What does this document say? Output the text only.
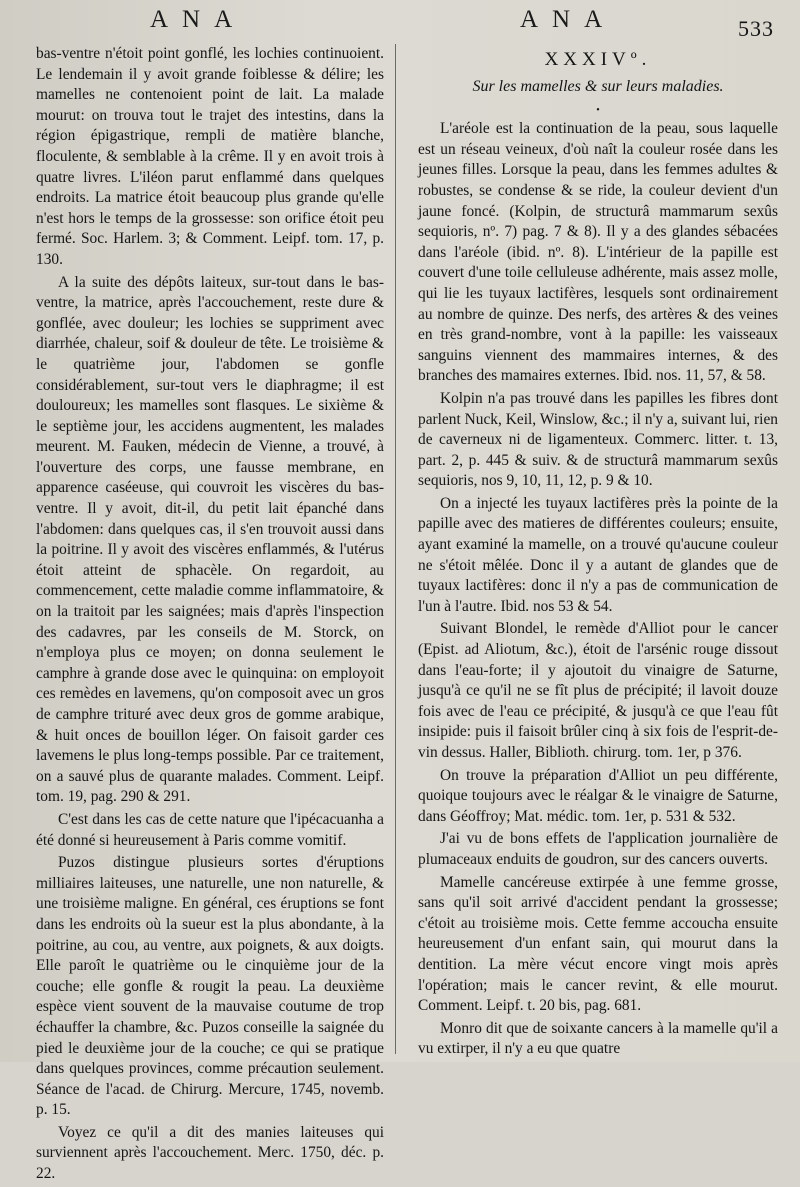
ANA	ANA	533

bas-ventre n'étoit point gonflé, les lochies continuoient. Le lendemain il y avoit grande foiblesse & délire; les mamelles ne contenoient point de lait. La malade mourut: on trouva tout le trajet des intestins, dans la région épigastrique, rempli de matière blanche, floculente, & semblable à la crême. Il y en avoit trois à quatre livres. L'iléon parut enflammé dans quelques endroits. La matrice étoit beaucoup plus grande qu'elle n'est hors le temps de la grossesse: son orifice étoit peu fermé. Soc. Harlem. 3; & Comment. Leipf. tom. 17, p. 130.

A la suite des dépôts laiteux, sur-tout dans le bas-ventre, la matrice, après l'accouchement, reste dure & gonflée, avec douleur; les lochies se suppriment avec diarrhée, chaleur, soif & douleur de tête. Le troisième & le quatrième jour, l'abdomen se gonfle considérablement, sur-tout vers le diaphragme; il est douloureux; les mamelles sont flasques. Le sixième & le septième jour, les accidens augmentent, les malades meurent. M. Fauken, médecin de Vienne, a trouvé, à l'ouverture des corps, une fausse membrane, en apparence caséeuse, qui couvroit les viscères du bas-ventre. Il y avoit, dit-il, du petit lait épanché dans l'abdomen: dans quelques cas, il s'en trouvoit aussi dans la poitrine. Il y avoit des viscères enflammés, & l'utérus étoit atteint de sphacèle. On regardoit, au commencement, cette maladie comme inflammatoire, & on la traitoit par les saignées; mais d'après l'inspection des cadavres, par les conseils de M. Storck, on n'employa plus ce moyen; on donna seulement le camphre à grande dose avec le quinquina: on employoit ces remèdes en lavemens, qu'on composoit avec un gros de camphre trituré avec deux gros de gomme arabique, & huit onces de bouillon léger. On faisoit garder ces lavemens le plus long-temps possible. Par ce traitement, on a sauvé plus de quarante malades. Comment. Leipf. tom. 19, pag. 290 & 291.

C'est dans les cas de cette nature que l'ipécacuanha a été donné si heureusement à Paris comme vomitif.

Puzos distingue plusieurs sortes d'éruptions milliaires laiteuses, une naturelle, une non naturelle, & une troisième maligne. En général, ces éruptions se font dans les endroits où la sueur est la plus abondante, à la poitrine, au cou, au ventre, aux poignets, & aux doigts. Elle paroît le quatrième ou le cinquième jour de la couche; elle gonfle & rougit la peau. La deuxième espèce vient souvent de la mauvaise coutume de trop échauffer la chambre, &c. Puzos conseille la saignée du pied le deuxième jour de la couche; ce qui se pratique dans quelques provinces, comme précaution seulement. Séance de l'acad. de Chirurg. Mercure, 1745, novemb. p. 15.

Voyez ce qu'il a dit des manies laiteuses qui surviennent après l'accouchement. Merc. 1750, déc. p. 22.

XXXIVº.
Sur les mamelles & sur leurs maladies.
•

L'aréole est la continuation de la peau, sous laquelle est un réseau veineux, d'où naît la couleur rosée dans les jeunes filles. Lorsque la peau, dans les femmes adultes & robustes, se condense & se ride, la couleur devient d'un jaune foncé. (Kolpin, de structurâ mammarum sexûs sequioris, nº. 7) pag. 7 & 8). Il y a des glandes sébacées dans l'aréole (ibid. nº. 8). L'intérieur de la papille est couvert d'une toile celluleuse adhérente, mais assez molle, qui lie les tuyaux lactifères, lesquels sont ordinairement au nombre de quinze. Des nerfs, des artères & des veines en très grand-nombre, vont à la papille: les vaisseaux sanguins viennent des mammaires internes, & des branches des mamaires externes. Ibid. nos. 11, 57, & 58.

Kolpin n'a pas trouvé dans les papilles les fibres dont parlent Nuck, Keil, Winslow, &c.; il n'y a, suivant lui, rien de caverneux ni de ligamenteux. Commerc. litter. t. 13, part. 2, p. 445 & suiv. & de structurâ mammarum sexûs sequioris, nos 9, 10, 11, 12, p. 9 & 10.

On a injecté les tuyaux lactifères près la pointe de la papille avec des matieres de différentes couleurs; ensuite, ayant examiné la mamelle, on a trouvé qu'aucune couleur ne s'étoit mêlée. Donc il y a autant de glandes que de tuyaux lactifères: donc il n'y a pas de communication de l'un à l'autre. Ibid. nos 53 & 54.

Suivant Blondel, le remède d'Alliot pour le cancer (Epist. ad Aliotum, &c.), étoit de l'arsénic rouge dissout dans l'eau-forte; il y ajoutoit du vinaigre de Saturne, jusqu'à ce qu'il ne se fît plus de précipité; il lavoit douze fois avec de l'eau ce précipité, & jusqu'à ce que l'eau fût insipide: puis il faisoit brûler cinq à six fois de l'esprit-de-vin dessus. Haller, Biblioth. chirurg. tom. 1er, p 376.

On trouve la préparation d'Alliot un peu différente, quoique toujours avec le réalgar & le vinaigre de Saturne, dans Géoffroy; Mat. médic. tom. 1er, p. 531 & 532.

J'ai vu de bons effets de l'application journalière de plumaceaux enduits de goudron, sur des cancers ouverts.

Mamelle cancéreuse extirpée à une femme grosse, sans qu'il soit arrivé d'accident pendant la grossesse; c'étoit au troisième mois. Cette femme accoucha ensuite heureusement d'un enfant sain, qui mourut dans la dentition. La mère vécut encore vingt mois après l'opération; mais le cancer revint, & elle mourut. Comment. Leipf. t. 20 bis, pag. 681.

Monro dit que de soixante cancers à la mamelle qu'il a vu extirper, il n'y a eu que quatre
